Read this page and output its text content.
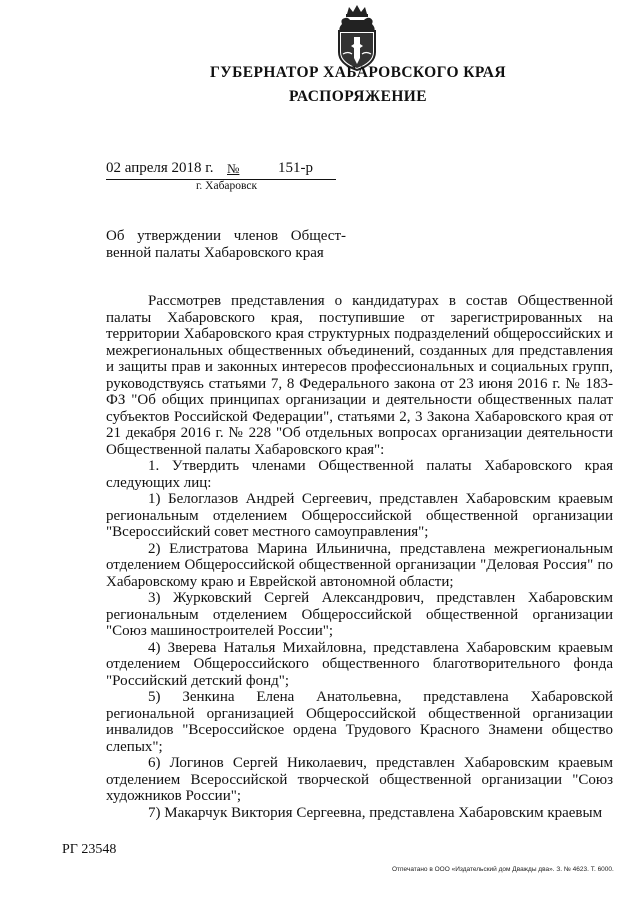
ГУБЕРНАТОР ХАБАРОВСКОГО КРАЯ
РАСПОРЯЖЕНИЕ
02 апреля 2018 г. №	151-р
г. Хабаровск
Об утверждении членов Общест-венной палаты Хабаровского края

Рассмотрев представления о кандидатурах в состав Общественной палаты Хабаровского края, поступившие от зарегистрированных на территории Хабаровского края структурных подразделений общероссийских и межрегиональных общественных объединений, созданных для представления и защиты прав и законных интересов профессиональных и социальных групп, руководствуясь статьями 7, 8 Федерального закона от 23 июня 2016 г. № 183-ФЗ "Об общих принципах организации и деятельности общественных палат субъектов Российской Федерации", статьями 2, 3 Закона Хабаровского края от 21 декабря 2016 г. № 228 "Об отдельных вопросах организации деятельности Общественной палаты Хабаровского края":

1. Утвердить членами Общественной палаты Хабаровского края следующих лиц:

1) Белоглазов Андрей Сергеевич, представлен Хабаровским краевым региональным отделением Общероссийской общественной организации "Всероссийский совет местного самоуправления";

2) Елистратова Марина Ильинична, представлена межрегиональным отделением Общероссийской общественной организации "Деловая Россия" по Хабаровскому краю и Еврейской автономной области;

3) Журковский Сергей Александрович, представлен Хабаровским региональным отделением Общероссийской общественной организации "Союз машиностроителей России";

4) Зверева Наталья Михайловна, представлена Хабаровским краевым отделением Общероссийского общественного благотворительного фонда "Российский детский фонд";

5) Зенкина Елена Анатольевна, представлена Хабаровской региональной организацией Общероссийской общественной организации инвалидов "Всероссийское ордена Трудового Красного Знамени общество слепых";

6) Логинов Сергей Николаевич, представлен Хабаровским краевым отделением Всероссийской творческой общественной организации "Союз художников России";

7) Макарчук Виктория Сергеевна, представлена Хабаровским краевым

РГ 23548
Отпечатано в ООО «Издательский дом Дважды два». З. № 4623. Т. 6000.
